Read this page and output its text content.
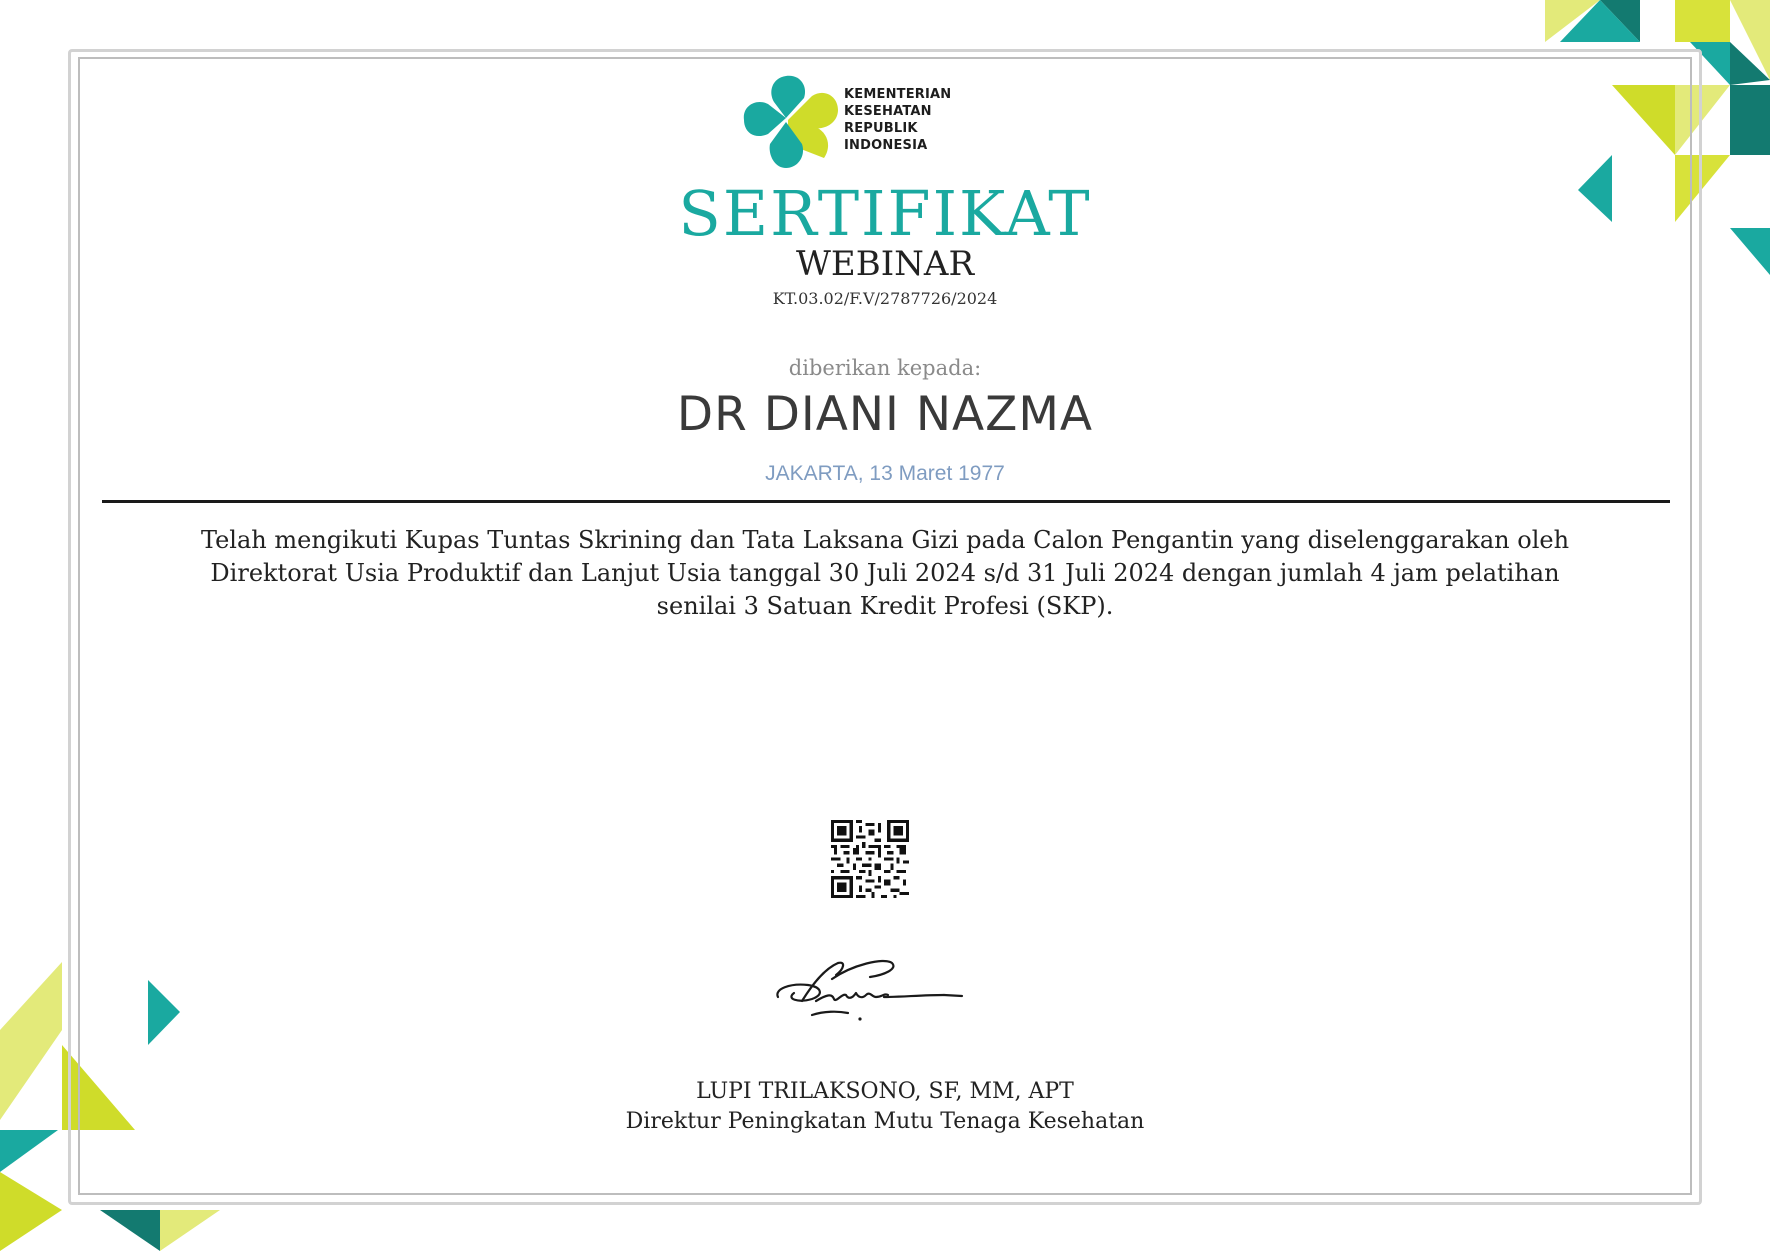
KEMENTERIAN
KESEHATAN
REPUBLIK
INDONESIA
SERTIFIKAT
WEBINAR
KT.03.02/F.V/2787726/2024
diberikan kepada:
DR DIANI NAZMA
JAKARTA, 13 Maret 1977
Telah mengikuti Kupas Tuntas Skrining dan Tata Laksana Gizi pada Calon Pengantin yang diselenggarakan oleh Direktorat Usia Produktif dan Lanjut Usia tanggal 30 Juli 2024 s/d 31 Juli 2024 dengan jumlah 4 jam pelatihan senilai 3 Satuan Kredit Profesi (SKP).
LUPI TRILAKSONO, SF, MM, APT
Direktur Peningkatan Mutu Tenaga Kesehatan
